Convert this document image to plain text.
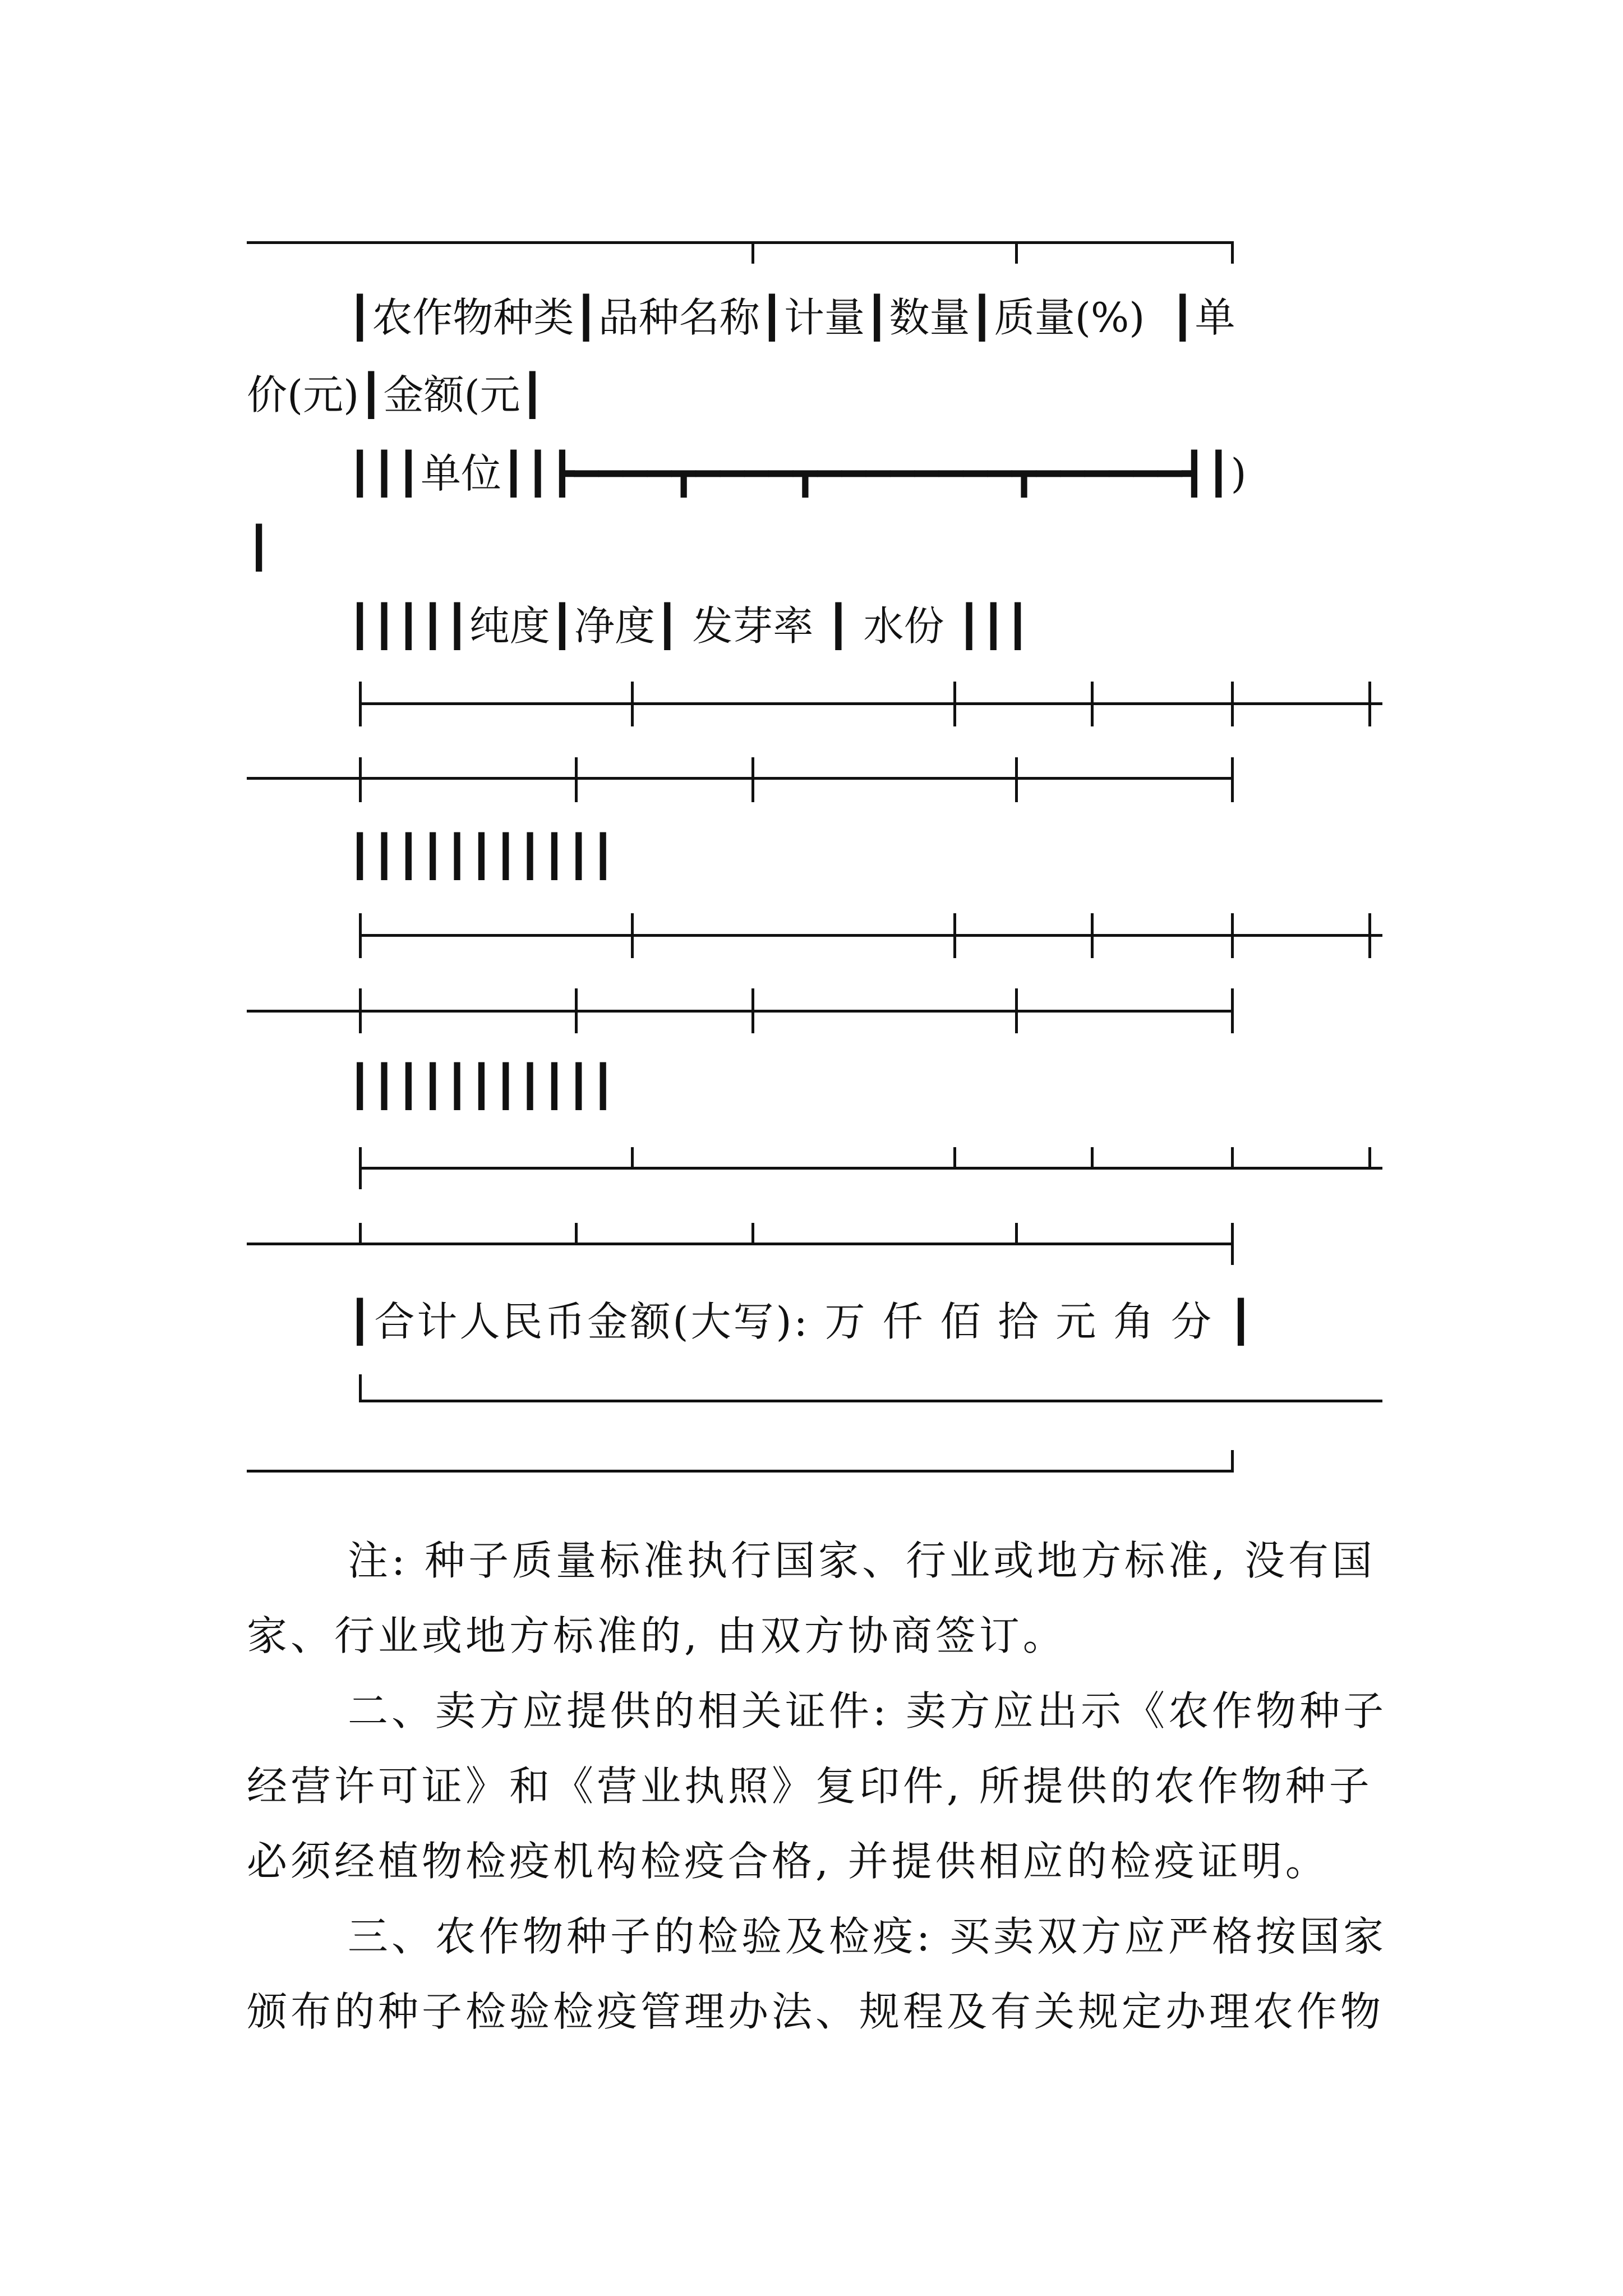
┃农作物种类┃品种名称┃计量┃数量┃质量(%)  ┃单
价(元)┃金额(元┃
┃┃┃单位┃┃┣━━━━┳━━━━┳━━━━━━━━┳━━━━━━┫┃)
┃
┃┃┃┃┃纯度┃净度┃ 发芽率 ┃ 水份 ┃┃┃
┃┃┃┃┃┃┃┃┃┃┃
┃┃┃┃┃┃┃┃┃┃┃
┃合计人民币金额(大写): 万 仟 佰 拾 元 角 分 ┃
注: 种子质量标准执行国家、行业或地方标准, 没有国
家、行业或地方标准的, 由双方协商签订。
二、卖方应提供的相关证件: 卖方应出示《农作物种子
经营许可证》和《营业执照》复印件, 所提供的农作物种子
必须经植物检疫机构检疫合格, 并提供相应的检疫证明。
三、农作物种子的检验及检疫: 买卖双方应严格按国家
颁布的种子检验检疫管理办法、规程及有关规定办理农作物
